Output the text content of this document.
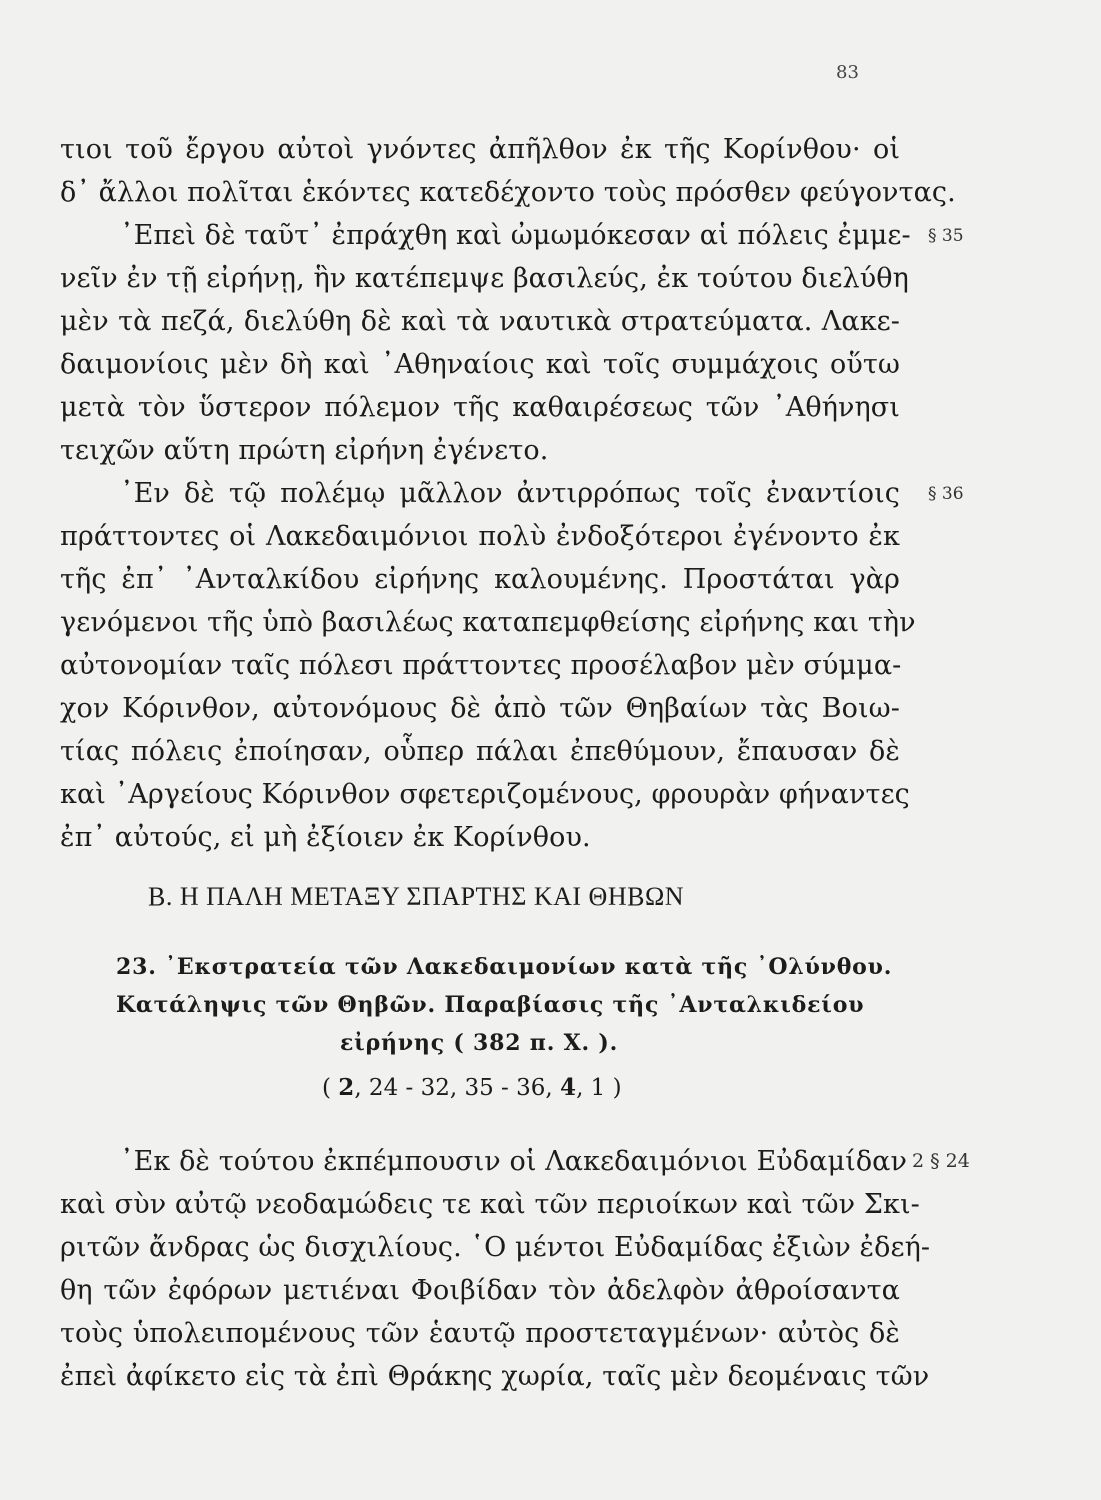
83
τιοι τοῦ ἔργου αὐτοὶ γνόντες ἀπῆλθον ἐκ τῆς Κορίνθου· οἱ
δ᾽ ἄλλοι πολῖται ἑκόντες κατεδέχοντο τοὺς πρόσθεν φεύγοντας.
᾽Επεὶ δὲ ταῦτ᾽ ἐπράχθη καὶ ὠμωμόκεσαν αἱ πόλεις ἐμμε- § 35
νεῖν ἐν τῇ εἰρήνῃ, ἣν κατέπεμψε βασιλεύς, ἐκ τούτου διελύθη
μὲν τὰ πεζά, διελύθη δὲ καὶ τὰ ναυτικὰ στρατεύματα. Λακε-
δαιμονίοις μὲν δὴ καὶ ᾽Αθηναίοις καὶ τοῖς συμμάχοις οὕτω
μετὰ τὸν ὕστερον πόλεμον τῆς καθαιρέσεως τῶν ᾽Αθήνησι
τειχῶν αὕτη πρώτη εἰρήνη ἐγένετο.
᾽Εν δὲ τῷ πολέμῳ μᾶλλον ἀντιρρόπως τοῖς ἐναντίοις § 36
πράττοντες οἱ Λακεδαιμόνιοι πολὺ ἐνδοξότεροι ἐγένοντο ἐκ
τῆς ἐπ᾽ ᾽Ανταλκίδου εἰρήνης καλουμένης. Προστάται γὰρ
γενόμενοι τῆς ὑπὸ βασιλέως καταπεμφθείσης εἰρήνης και τὴν
αὐτονομίαν ταῖς πόλεσι πράττοντες προσέλαβον μὲν σύμμα-
χον Κόρινθον, αὐτονόμους δὲ ἀπὸ τῶν Θηβαίων τὰς Βοιω-
τίας πόλεις ἐποίησαν, οὗπερ πάλαι ἐπεθύμουν, ἔπαυσαν δὲ
καὶ ᾽Αργείους Κόρινθον σφετεριζομένους, φρουρὰν φήναντες
ἐπ᾽ αὐτούς, εἰ μὴ ἐξίοιεν ἐκ Κορίνθου.
Β. Η ΠΑΛΗ ΜΕΤΑΞΥ ΣΠΑΡΤΗΣ ΚΑΙ ΘΗΒΩΝ
23. ᾽Εκστρατεία τῶν Λακεδαιμονίων κατὰ τῆς ᾽Ολύνθου.
Κατάληψις τῶν Θηβῶν. Παραβίασις τῆς ᾽Ανταλκιδείου
εἰρήνης ( 382 π. Χ. ).
( 2, 24 - 32, 35 - 36, 4, 1 )
᾽Εκ δὲ τούτου ἐκπέμπουσιν οἱ Λακεδαιμόνιοι Εὐδαμίδαν 2 § 24
καὶ σὺν αὐτῷ νεοδαμώδεις τε καὶ τῶν περιοίκων καὶ τῶν Σκι-
ριτῶν ἄνδρας ὡς δισχιλίους. ῾Ο μέντοι Εὐδαμίδας ἐξιὼν ἐδεή-
θη τῶν ἐφόρων μετιέναι Φοιβίδαν τὸν ἀδελφὸν ἀθροίσαντα
τοὺς ὑπολειπομένους τῶν ἑαυτῷ προστεταγμένων· αὐτὸς δὲ
ἐπεὶ ἀφίκετο εἰς τὰ ἐπὶ Θράκης χωρία, ταῖς μὲν δεομέναις τῶν
